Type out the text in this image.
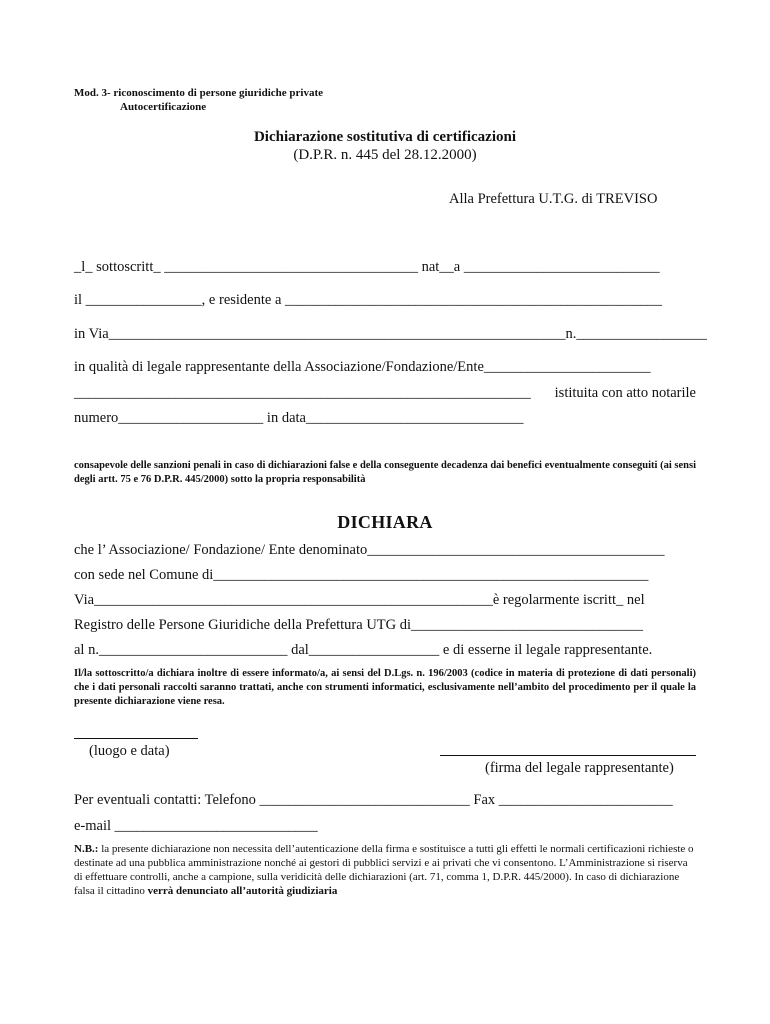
Mod. 3- riconoscimento di persone giuridiche private
Autocertificazione
Dichiarazione sostitutiva di certificazioni
(D.P.R. n. 445 del 28.12.2000)
Alla Prefettura U.T.G. di TREVISO
_l_ sottoscritt_ ___________________________________ nat__a ___________________________
il ________________, e residente a ____________________________________________________
in Via_______________________________________________________________n.__________________
in qualità di legale rappresentante della Associazione/Fondazione/Ente_______________________
_______________________________________________________________ istituita con atto notarile
numero____________________ in data______________________________
consapevole delle sanzioni penali in caso di dichiarazioni false e della conseguente decadenza dai benefici eventualmente conseguiti (ai sensi degli artt. 75 e 76 D.P.R. 445/2000) sotto la propria responsabilità
DICHIARA
che l’ Associazione/ Fondazione/ Ente denominato_________________________________________
con sede nel Comune di____________________________________________________________
Via_______________________________________________________è regolarmente iscritt_ nel
Registro delle Persone Giuridiche della Prefettura UTG di________________________________
al n.__________________________ dal__________________ e di esserne il legale rappresentante.
Il/la sottoscritto/a dichiara inoltre di essere informato/a, ai sensi del D.Lgs. n. 196/2003 (codice in materia di protezione di dati personali) che i dati personali raccolti saranno trattati, anche con strumenti informatici, esclusivamente nell’ambito del procedimento per il quale la presente dichiarazione viene resa.
(luogo e data)
(firma del legale rappresentante)
Per eventuali contatti: Telefono _____________________________ Fax ________________________
e-mail ____________________________
N.B.: la presente dichiarazione non necessita dell’autenticazione della firma e sostituisce a tutti gli effetti le normali certificazioni richieste o destinate ad una pubblica amministrazione nonché ai gestori di pubblici servizi e ai privati che vi consentono. L’Amministrazione si riserva di effettuare controlli, anche a campione, sulla veridicità delle dichiarazioni (art. 71, comma 1, D.P.R. 445/2000). In caso di dichiarazione falsa il cittadino verrà denunciato all’autorità giudiziaria
